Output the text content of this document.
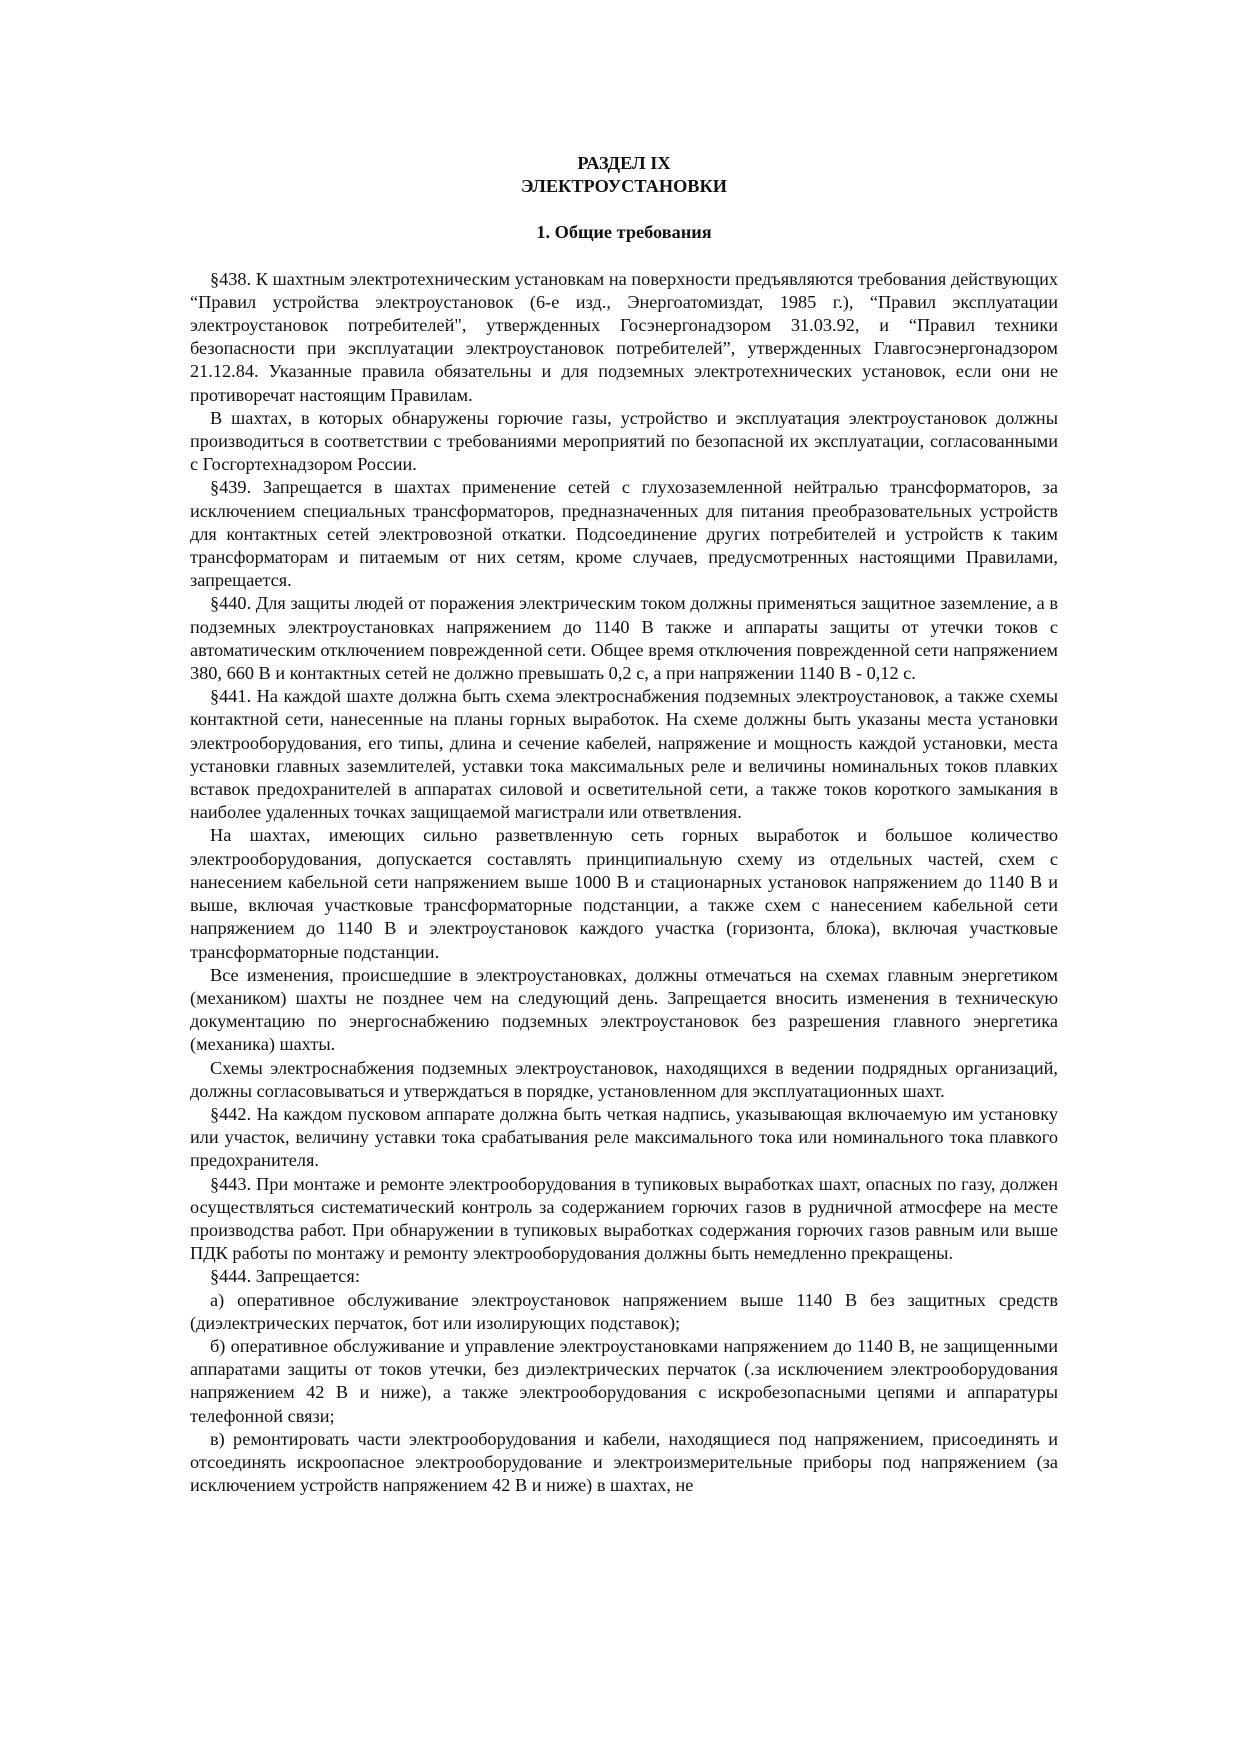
РАЗДЕЛ IX

ЭЛЕКТРОУСТАНОВКИ

1. Общие требования

§438. К шахтным электротехническим установкам на поверхности предъявляются требования действующих “Правил устройства электроустановок (6-е изд., Энергоатомиздат, 1985 г.), “Правил эксплуатации электроустановок потребителей", утвержденных Госэнергонадзором 31.03.92, и “Правил техники безопасности при эксплуатации электроустановок потребителей”, утвержденных Главгосэнергонадзором 21.12.84. Указанные правила обязательны и для подземных электротехнических установок, если они не противоречат настоящим Правилам.

В шахтах, в которых обнаружены горючие газы, устройство и эксплуатация электроустановок должны производиться в соответствии с требованиями мероприятий по безопасной их эксплуатации, согласованными с Госгортехнадзором России.

§439. Запрещается в шахтах применение сетей с глухозаземленной нейтралью трансформаторов, за исключением специальных трансформаторов, предназначенных для питания преобразовательных устройств для контактных сетей электровозной откатки. Подсоединение других потребителей и устройств к таким трансформаторам и питаемым от них сетям, кроме случаев, предусмотренных настоящими Правилами, запрещается.

§440. Для защиты людей от поражения электрическим током должны применяться защитное заземление, а в подземных электроустановках напряжением до 1140 В также и аппараты защиты от утечки токов с автоматическим отключением поврежденной сети. Общее время отключения поврежденной сети напряжением 380, 660 В и контактных сетей не должно превышать 0,2 с, а при напряжении 1140 В - 0,12 с.

§441. На каждой шахте должна быть схема электроснабжения подземных электроустановок, а также схемы контактной сети, нанесенные на планы горных выработок. На схеме должны быть указаны места установки электрооборудования, его типы, длина и сечение кабелей, напряжение и мощность каждой установки, места установки главных заземлителей, уставки тока максимальных реле и величины номинальных токов плавких вставок предохранителей в аппаратах силовой и осветительной сети, а также токов короткого замыкания в наиболее удаленных точках защищаемой магистрали или ответвления.

На шахтах, имеющих сильно разветвленную сеть горных выработок и большое количество электрооборудования, допускается составлять принципиальную схему из отдельных частей, схем с нанесением кабельной сети напряжением выше 1000 В и стационарных установок напряжением до 1140 В и выше, включая участковые трансформаторные подстанции, а также схем с нанесением кабельной сети напряжением до 1140 В и электроустановок каждого участка (горизонта, блока), включая участковые трансформаторные подстанции.

Все изменения, происшедшие в электроустановках, должны отмечаться на схемах главным энергетиком (механиком) шахты не позднее чем на следующий день. Запрещается вносить изменения в техническую документацию по энергоснабжению подземных электроустановок без разрешения главного энергетика (механика) шахты.

Схемы электроснабжения подземных электроустановок, находящихся в ведении подрядных организаций, должны согласовываться и утверждаться в порядке, установленном для эксплуатационных шахт.

§442. На каждом пусковом аппарате должна быть четкая надпись, указывающая включаемую им установку или участок, величину уставки тока срабатывания реле максимального тока или номинального тока плавкого предохранителя.

§443. При монтаже и ремонте электрооборудования в тупиковых выработках шахт, опасных по газу, должен осуществляться систематический контроль за содержанием горючих газов в рудничной атмосфере на месте производства работ. При обнаружении в тупиковых выработках содержания горючих газов равным или выше ПДК работы по монтажу и ремонту электрооборудования должны быть немедленно прекращены.

§444. Запрещается:

а) оперативное обслуживание электроустановок напряжением выше 1140 В без защитных средств (диэлектрических перчаток, бот или изолирующих подставок);

б) оперативное обслуживание и управление электроустановками напряжением до 1140 В, не защищенными аппаратами защиты от токов утечки, без диэлектрических перчаток (.за исключением электрооборудования напряжением 42 В и ниже), а также электрооборудования с искробезопасными цепями и аппаратуры телефонной связи;

в) ремонтировать части электрооборудования и кабели, находящиеся под напряжением, присоединять и отсоединять искроопасное электрооборудование и электроизмерительные приборы под напряжением (за исключением устройств напряжением 42 В и ниже) в шахтах, не
